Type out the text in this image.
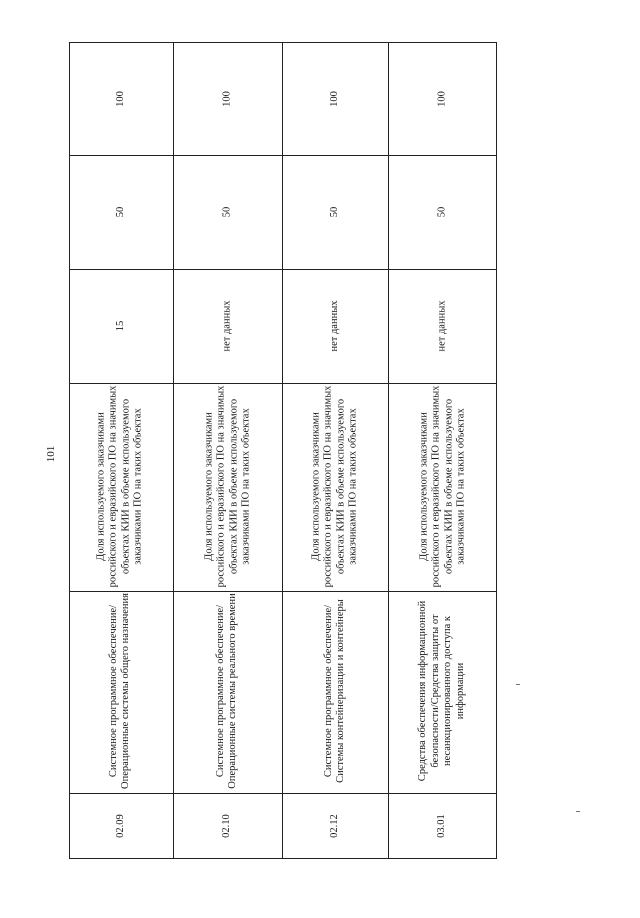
101
100
50
15
Доля используемого заказчиками российского и евразийского ПО на значимых объектах КИИ в объеме используемого заказчиками ПО на таких объектах
Системное программное обеспечение/Операционные системы общего назначения
02.09
100
50
нет данных
Доля используемого заказчиками российского и евразийского ПО на значимых объектах КИИ в объеме используемого заказчиками ПО на таких объектах
Системное программное обеспечение/Операционные системы реального времени
02.10
100
50
нет данных
Доля используемого заказчиками российского и евразийского ПО на значимых объектах КИИ в объеме используемого заказчиками ПО на таких объектах
Системное программное обеспечение/Системы контейнеризации и контейнеры
02.12
100
50
нет данных
Доля используемого заказчиками российского и евразийского ПО на значимых объектах КИИ в объеме используемого заказчиками ПО на таких объектах
Средства обеспечения информационной безопасности/Средства защиты от несанкционированного доступа к информации
03.01
